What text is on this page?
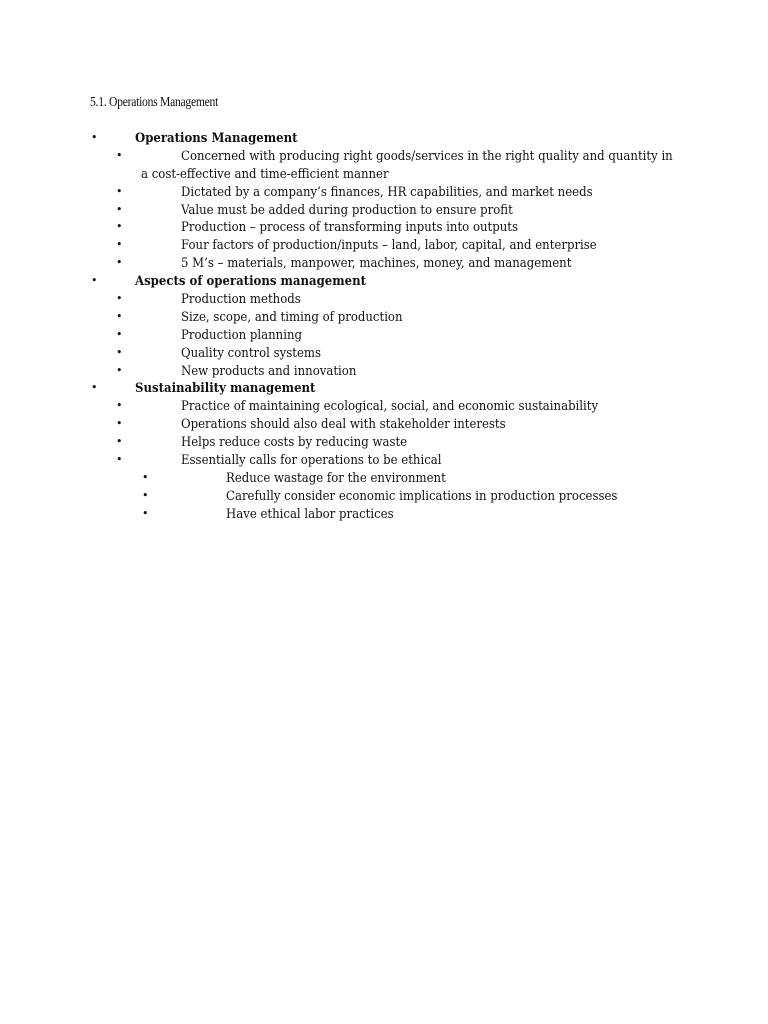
5.1. Operations Management
•	Operations Management
•	Concerned with producing right goods/services in the right quality and quantity in
a cost-effective and time-efficient manner
•	Dictated by a company’s finances, HR capabilities, and market needs
•	Value must be added during production to ensure profit
•	Production – process of transforming inputs into outputs
•	Four factors of production/inputs – land, labor, capital, and enterprise
•	5 M’s – materials, manpower, machines, money, and management
•	Aspects of operations management
•	Production methods
•	Size, scope, and timing of production
•	Production planning
•	Quality control systems
•	New products and innovation
•	Sustainability management
•	Practice of maintaining ecological, social, and economic sustainability
•	Operations should also deal with stakeholder interests
•	Helps reduce costs by reducing waste
•	Essentially calls for operations to be ethical
•	Reduce wastage for the environment
•	Carefully consider economic implications in production processes
•	Have ethical labor practices
